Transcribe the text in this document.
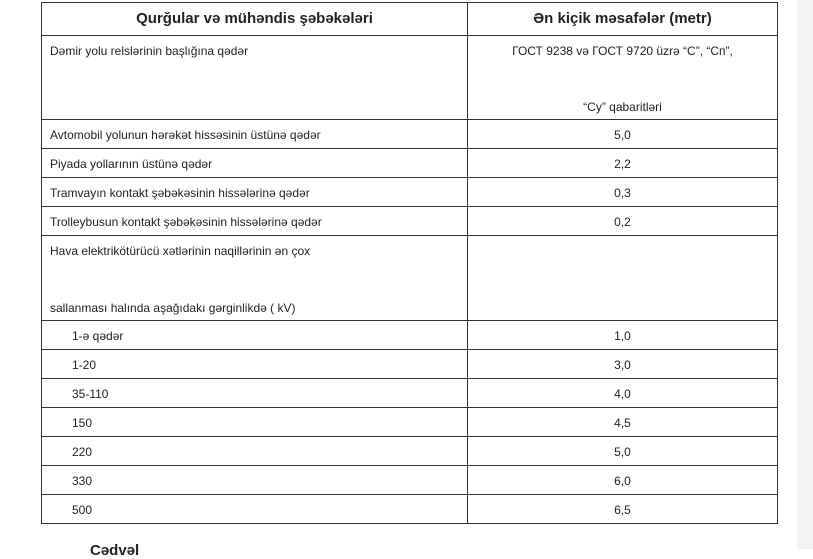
Qurğular və mühəndis şəbəkələri	Ən kiçik məsafələr (metr)
Dəmir yolu relslərinin başlığına qədər	ГОСТ 9238 və ГОСТ 9720 üzrə “С”, “Сп”,
“Су” qabaritləri

Avtomobil yolunun hərəkət hissəsinin üstünə qədər	5,0
Piyada yollarının üstünə qədər	2,2
Tramvayın kontakt şəbəkəsinin hissələrinə qədər	0,3
Trolleybusun kontakt şəbəkəsinin hissələrinə qədər	0,2
Hava elektrikötürücü xətlərinin naqillərinin ən çox
sallanması halında aşağıdakı gərginlikdə ( kV)	

1-ə qədər	1,0
1-20	3,0
35-110	4,0
150	4,5
220	5,0
330	6,0
500	6,5
Cədvəl
